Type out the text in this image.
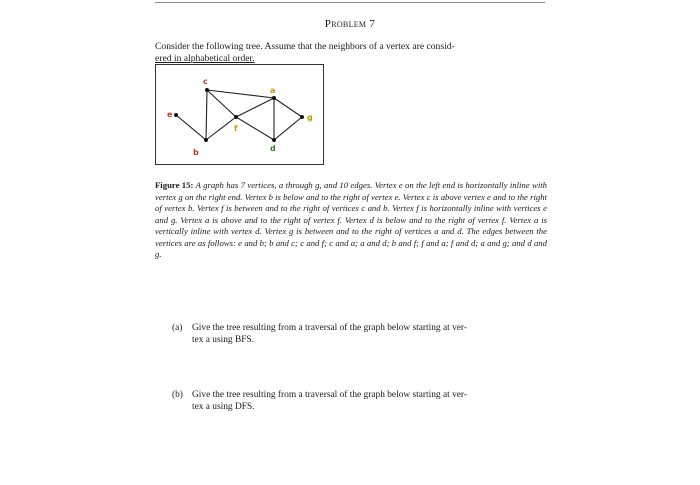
Problem 7
Consider the following tree. Assume that the neighbors of a vertex are consid-
ered in alphabetical order.
c
a
e	g
f
d
b
Figure 15: A graph has 7 vertices, a through g, and 10 edges. Vertex e on the left end is horizontally inline with vertex g on the right end. Vertex b is below and to the right of vertex e. Vertex c is above vertex e and to the right of vertex b. Vertex f is between and to the right of vertices c and b. Vertex f is horizontally inline with vertices e and g. Vertex a is above and to the right of vertex f. Vertex d is below and to the right of vertex f. Vertex a is vertically inline with vertex d. Vertex g is between and to the right of vertices a and d. The edges between the vertices are as follows: e and b; b and c; c and f; c and a; a and d; b and f; f and a; f and d; a and g; and d and g.
(a) Give the tree resulting from a traversal of the graph below starting at ver-
tex a using BFS.
(b) Give the tree resulting from a traversal of the graph below starting at ver-
tex a using DFS.
